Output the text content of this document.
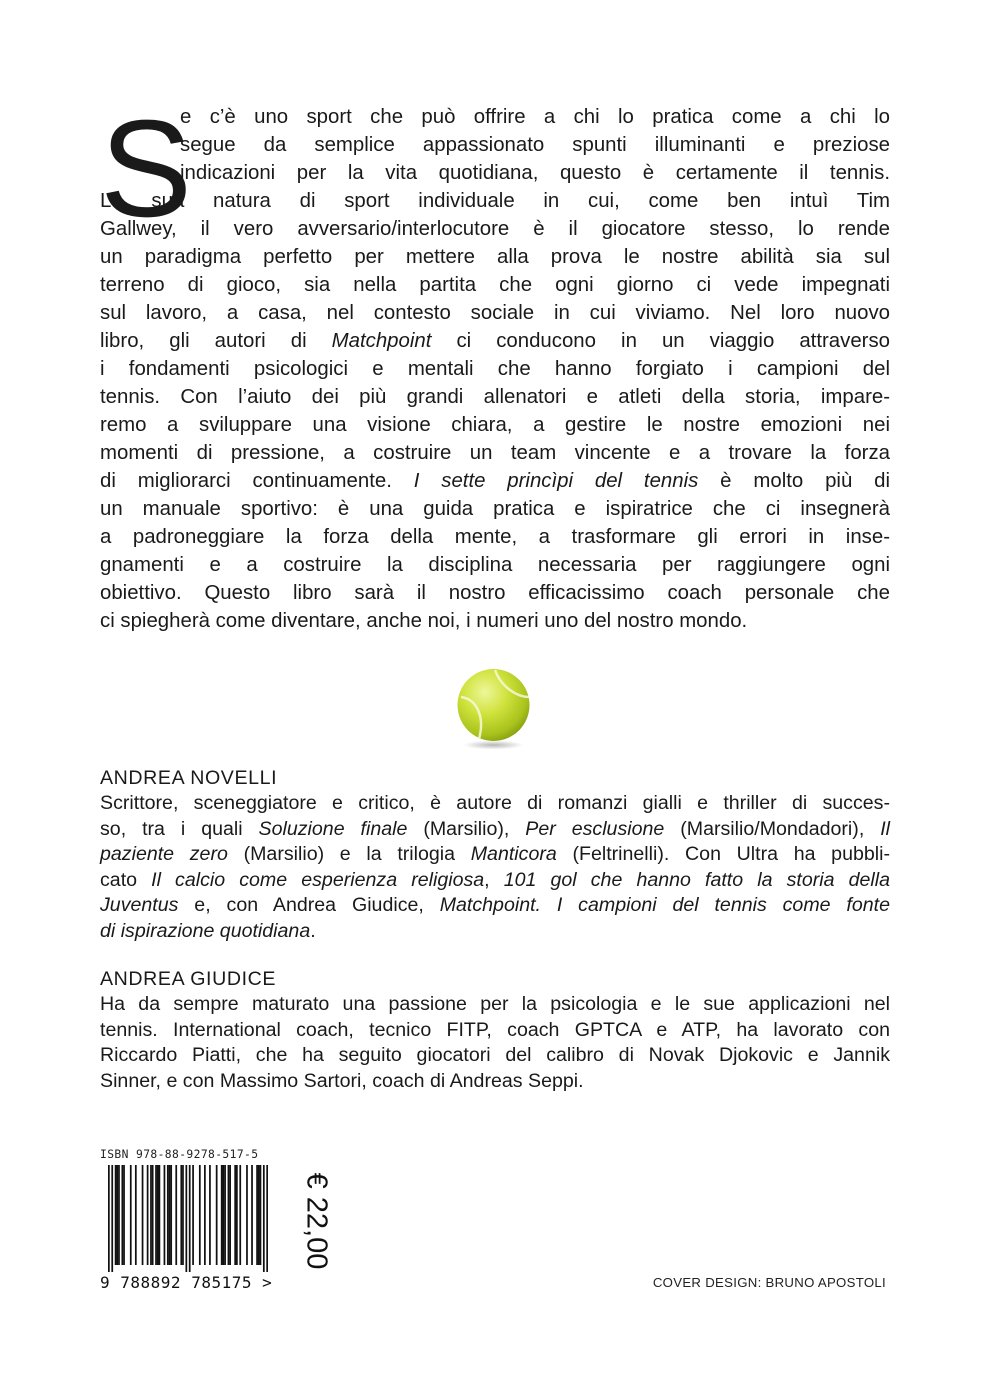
S
e c’è uno sport che può offrire a chi lo pratica come a chi lo
segue da semplice appassionato spunti illuminanti e preziose
indicazioni per la vita quotidiana, questo è certamente il tennis.
La sua natura di sport individuale in cui, come ben intuì Tim
Gallwey, il vero avversario/interlocutore è il giocatore stesso, lo rende
un paradigma perfetto per mettere alla prova le nostre abilità sia sul
terreno di gioco, sia nella partita che ogni giorno ci vede impegnati
sul lavoro, a casa, nel contesto sociale in cui viviamo. Nel loro nuovo
libro, gli autori di Matchpoint ci conducono in un viaggio attraverso
i fondamenti psicologici e mentali che hanno forgiato i campioni del
tennis. Con l’aiuto dei più grandi allenatori e atleti della storia, impare-
remo a sviluppare una visione chiara, a gestire le nostre emozioni nei
momenti di pressione, a costruire un team vincente e a trovare la forza
di migliorarci continuamente. I sette princìpi del tennis è molto più di
un manuale sportivo: è una guida pratica e ispiratrice che ci insegnerà
a padroneggiare la forza della mente, a trasformare gli errori in inse-
gnamenti e a costruire la disciplina necessaria per raggiungere ogni
obiettivo. Questo libro sarà il nostro efficacissimo coach personale che
ci spiegherà come diventare, anche noi, i numeri uno del nostro mondo.
ANDREA NOVELLI
Scrittore, sceneggiatore e critico, è autore di romanzi gialli e thriller di succes-
so, tra i quali Soluzione finale (Marsilio), Per esclusione (Marsilio/Mondadori), Il
paziente zero (Marsilio) e la trilogia Manticora (Feltrinelli). Con Ultra ha pubbli-
cato Il calcio come esperienza religiosa, 101 gol che hanno fatto la storia della
Juventus e, con Andrea Giudice, Matchpoint. I campioni del tennis come fonte
di ispirazione quotidiana.
ANDREA GIUDICE
Ha da sempre maturato una passione per la psicologia e le sue applicazioni nel
tennis. International coach, tecnico FITP, coach GPTCA e ATP, ha lavorato con
Riccardo Piatti, che ha seguito giocatori del calibro di Novak Djokovic e Jannik
Sinner, e con Massimo Sartori, coach di Andreas Seppi.
ISBN 978-88-9278-517-5
9 788892 785175 >
€ 22,00
COVER DESIGN: BRUNO APOSTOLI
